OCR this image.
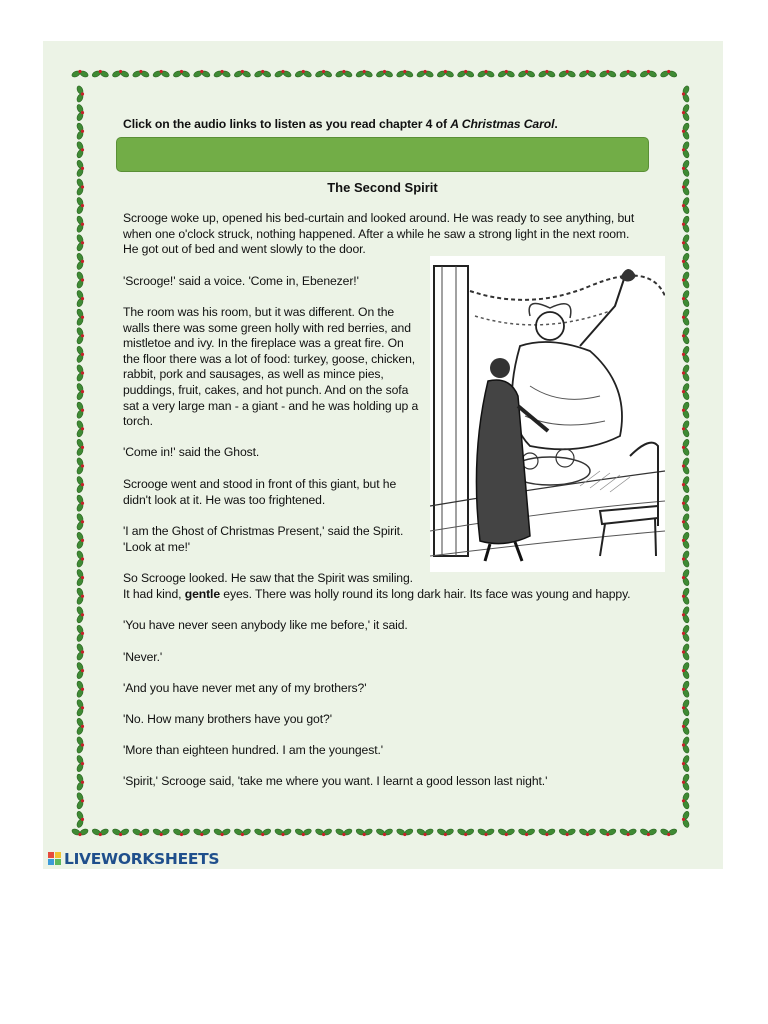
Click on the audio links to listen as you read chapter 4 of A Christmas Carol.
The Second Spirit

Scrooge woke up, opened his bed-curtain and looked around. He was ready to see anything, but

when one o'clock struck, nothing happened. After a while he saw a strong light in the next room.

He got out of bed and went slowly to the door.

'Scrooge!' said a voice. 'Come in, Ebenezer!'

The room was his room, but it was different. On the

walls there was some green holly with red berries, and

mistletoe and ivy. In the fireplace was a great fire. On

the floor there was a lot of food: turkey, goose, chicken,

rabbit, pork and sausages, as well as mince pies,

puddings, fruit, cakes, and hot punch. And on the sofa

sat a very large man - a giant - and he was holding up a

torch.

'Come in!' said the Ghost.

Scrooge went and stood in front of this giant, but he

didn't look at it. He was too frightened.

'I am the Ghost of Christmas Present,' said the Spirit.

'Look at me!'

So Scrooge looked. He saw that the Spirit was smiling.

It had kind, gentle eyes. There was holly round its long dark hair. Its face was young and happy.

'You have never seen anybody like me before,' it said.

'Never.'

'And you have never met any of my brothers?'

'No. How many brothers have you got?'

'More than eighteen hundred. I am the youngest.'

'Spirit,' Scrooge said, 'take me where you want. I learnt a good lesson last night.'

LIVEWORKSHEETS
